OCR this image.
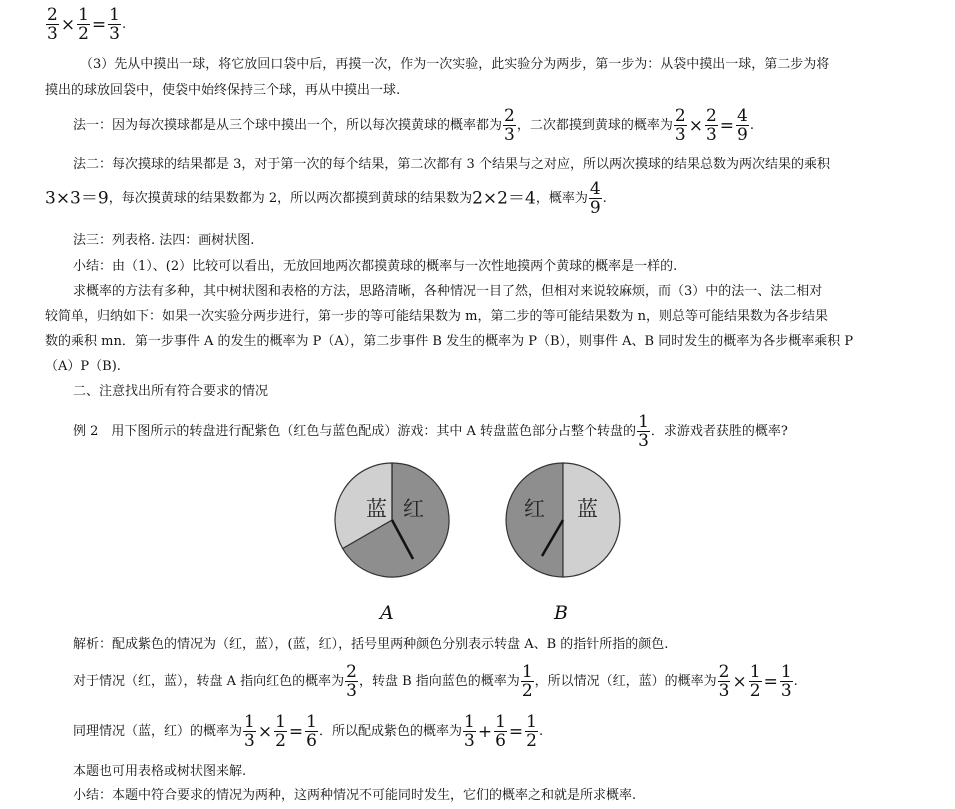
$\frac{2}{3} \times \frac{1}{2} = \frac{1}{3}$ .
（3）先从中摸出一球，将它放回口袋中后，再摸一次，作为一次实验，此实验分为两步，第一步为：从袋中摸出一球，第二步为将
摸出的球放回袋中，使袋中始终保持三个球，再从中摸出一球.
法一：因为每次摸球都是从三个球中摸出一个，所以每次摸黄球的概率都为 $\frac{2}{3}$ ，二次都摸到黄球的概率为 $\frac{2}{3} \times \frac{2}{3} = \frac{4}{9}$ .
法二：每次摸球的结果都是 3，对于第一次的每个结果，第二次都有 3 个结果与之对应，所以两次摸球的结果总数为两次结果的乘积
3×3＝9，每次摸黄球的结果数都为 2，所以两次都摸到黄球的结果数为2×2＝4，概率为 $\frac{4}{9}$ .
法三：列表格. 法四：画树状图.
小结：由（1）、(2）比较可以看出，无放回地两次都摸黄球的概率与一次性地摸两个黄球的概率是一样的.
求概率的方法有多种，其中树状图和表格的方法，思路清晰，各种情况一目了然，但相对来说较麻烦，而（3）中的法一、法二相对
较简单，归纳如下：如果一次实验分两步进行，第一步的等可能结果数为 m，第二步的等可能结果数为 n，则总等可能结果数为各步结果
数的乘积 mn．第一步事件 A 的发生的概率为 P（A），第二步事件 B 发生的概率为 P（B），则事件 A、B 同时发生的概率为各步概率乘积 P
（A）P（B).
二、注意找出所有符合要求的情况
例 2　用下图所示的转盘进行配紫色（红色与蓝色配成）游戏：其中 A 转盘蓝色部分占整个转盘的 $\frac{1}{3}$ ．求游戏者获胜的概率?
蓝 红	红 蓝
A	B
解析：配成紫色的情况为（红，蓝），(蓝，红），括号里两种颜色分别表示转盘 A、B 的指针所指的颜色.
对于情况（红，蓝），转盘 A 指向红色的概率为 $\frac{2}{3}$ ，转盘 B 指向蓝色的概率为 $\frac{1}{2}$ ，所以情况（红，蓝）的概率为 $\frac{2}{3} \times \frac{1}{2} = \frac{1}{3}$ .
同理情况（蓝，红）的概率为 $\frac{1}{3} \times \frac{1}{2} = \frac{1}{6}$ ．所以配成紫色的概率为 $\frac{1}{3} + \frac{1}{6} = \frac{1}{2}$ .
本题也可用表格或树状图来解.
小结：本题中符合要求的情况为两种，这两种情况不可能同时发生，它们的概率之和就是所求概率.
